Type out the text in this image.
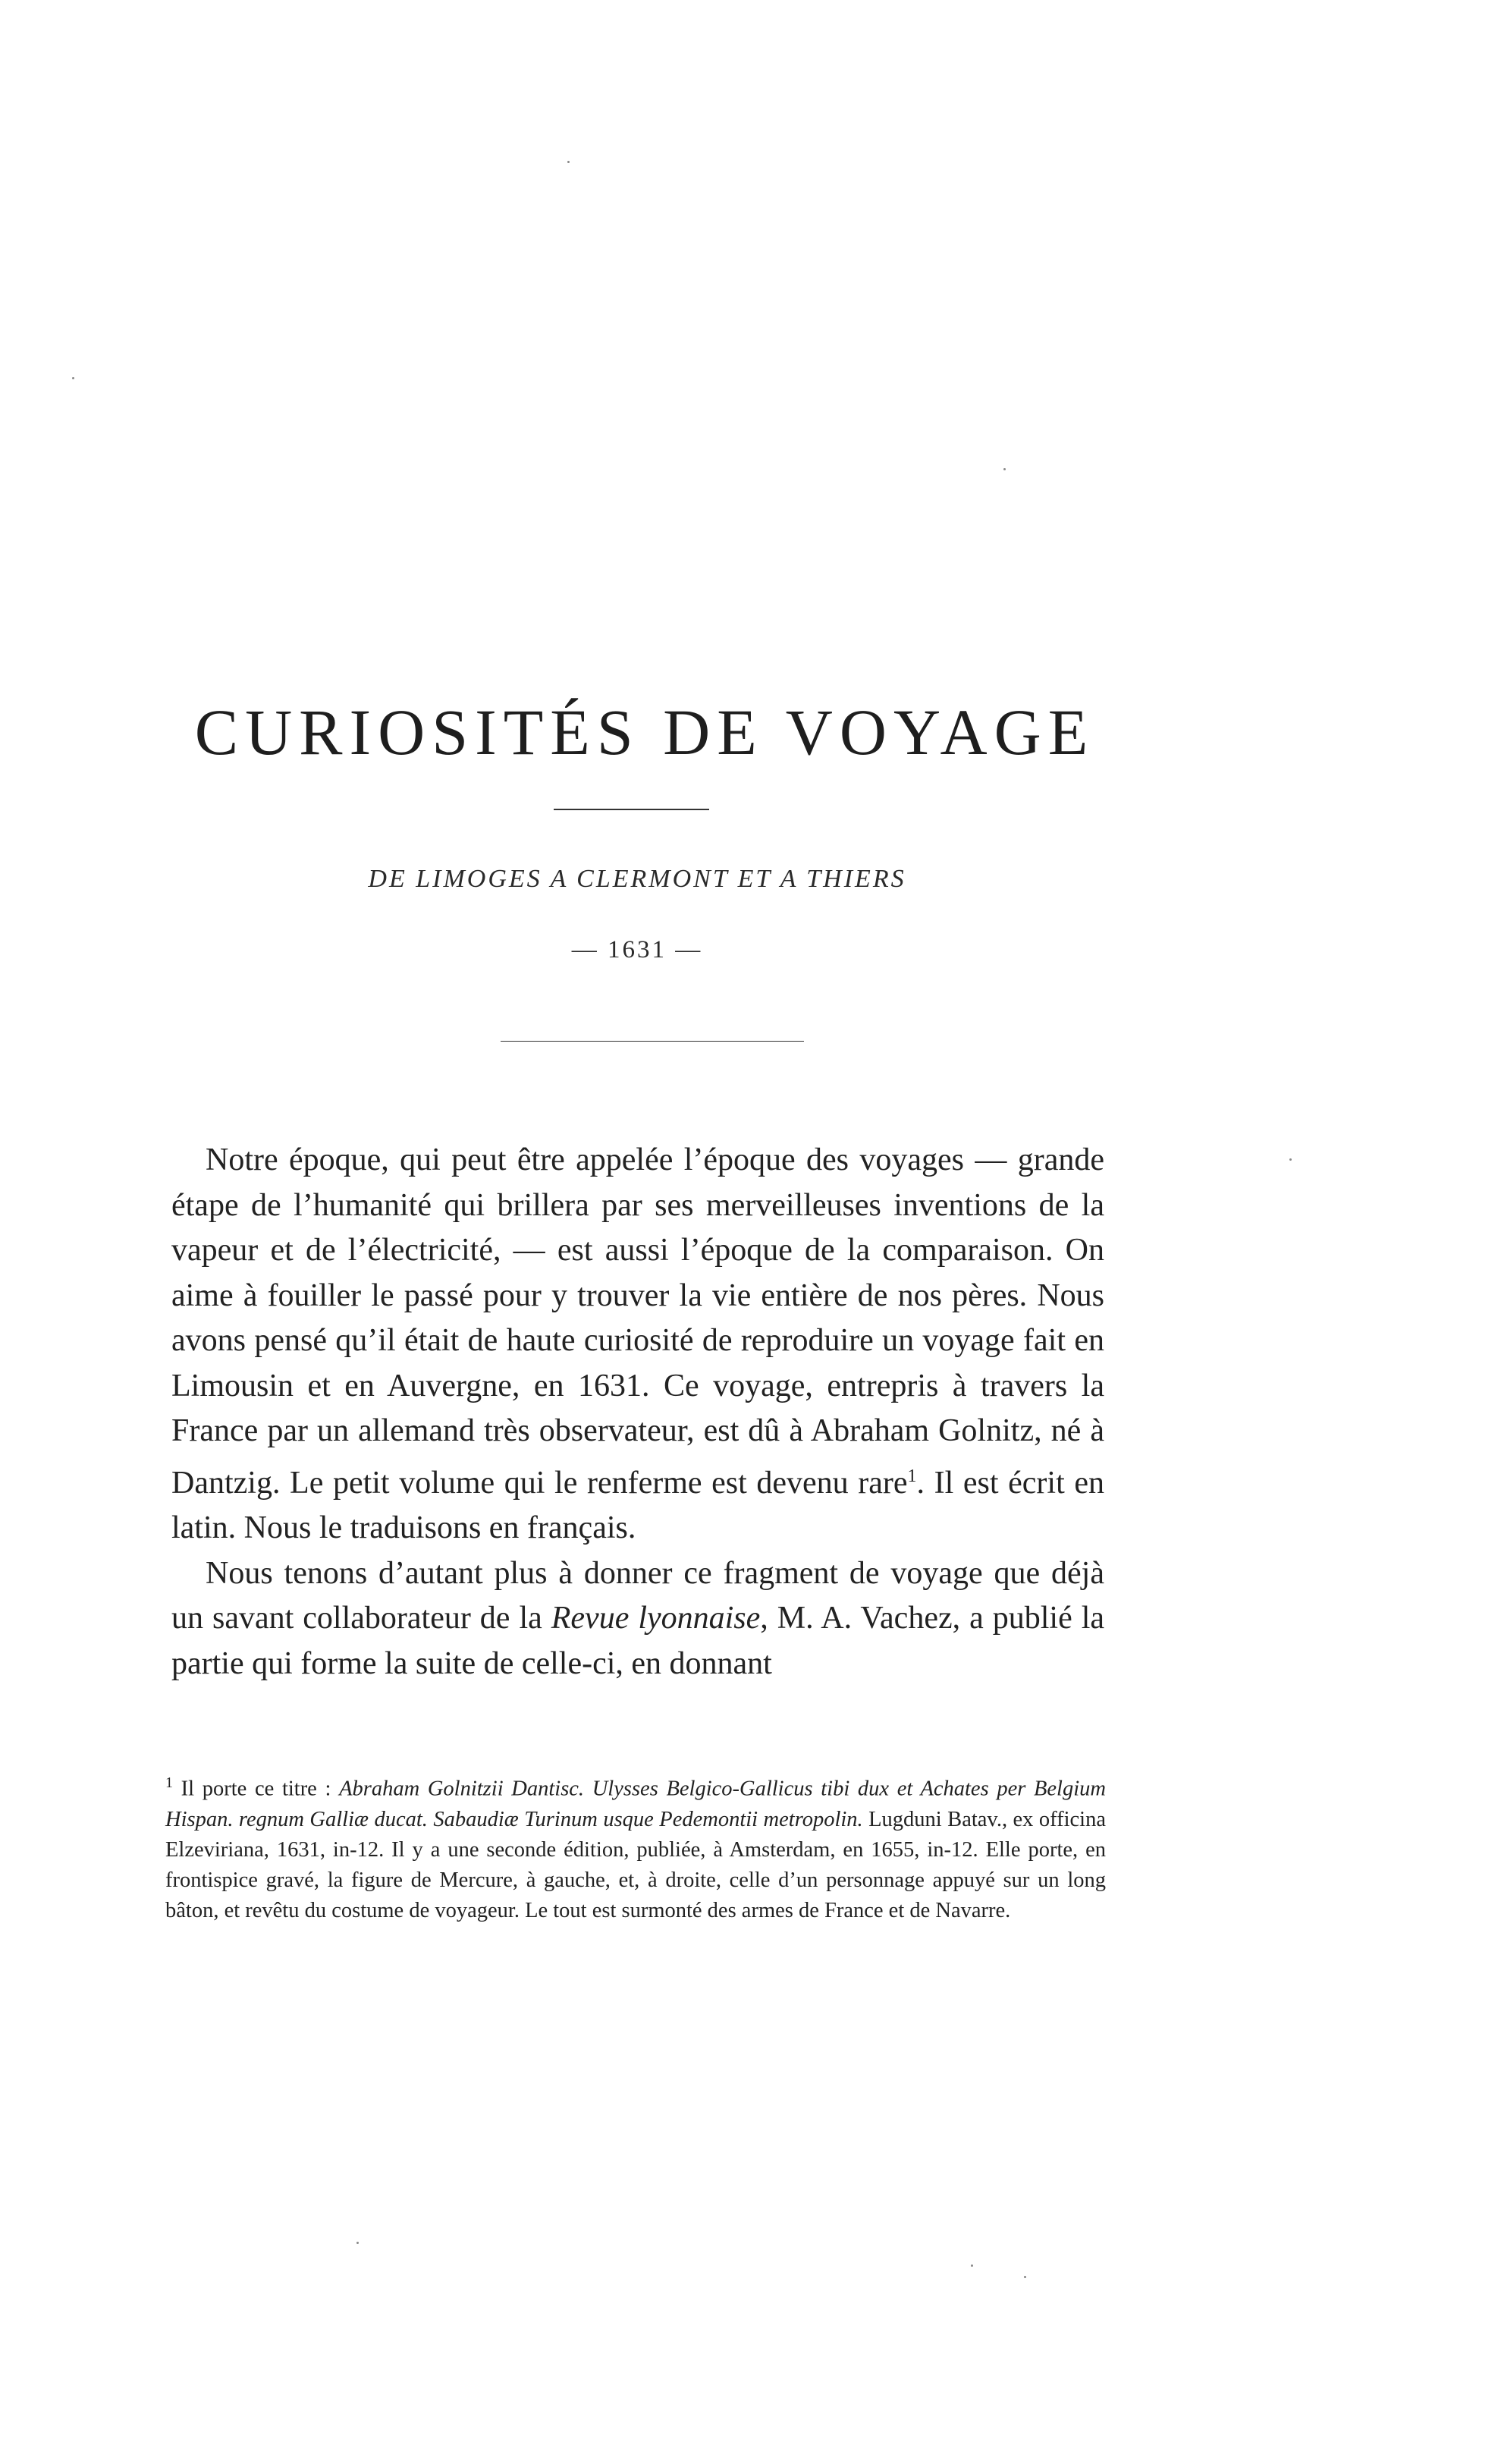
CURIOSITÉS DE VOYAGE
DE LIMOGES A CLERMONT ET A THIERS
— 1631 —

Notre époque, qui peut être appelée l’époque des voyages — grande étape de l’humanité qui brillera par ses merveilleuses inventions de la vapeur et de l’électricité, — est aussi l’époque de la comparaison. On aime à fouiller le passé pour y trouver la vie entière de nos pères. Nous avons pensé qu’il était de haute curiosité de reproduire un voyage fait en Limousin et en Auvergne, en 1631. Ce voyage, entrepris à travers la France par un allemand très observateur, est dû à Abraham Golnitz, né à Dantzig. Le petit volume qui le renferme est devenu rare$^1$. Il est écrit en latin. Nous le traduisons en français.

Nous tenons d’autant plus à donner ce fragment de voyage que déjà un savant collaborateur de la Revue lyonnaise, M. A. Vachez, a publié la partie qui forme la suite de celle-ci, en donnant

$^1$ Il porte ce titre : Abraham Golnitzii Dantisc. Ulysses Belgico-Gallicus tibi dux et Achates per Belgium Hispan. regnum Galliæ ducat. Sabaudiæ Turinum usque Pedemontii metropolin. Lugduni Batav., ex officina Elzeviriana, 1631, in-12. Il y a une seconde édition, publiée, à Amsterdam, en 1655, in-12. Elle porte, en frontispice gravé, la figure de Mercure, à gauche, et, à droite, celle d’un personnage appuyé sur un long bâton, et revêtu du costume de voyageur. Le tout est surmonté des armes de France et de Navarre.
